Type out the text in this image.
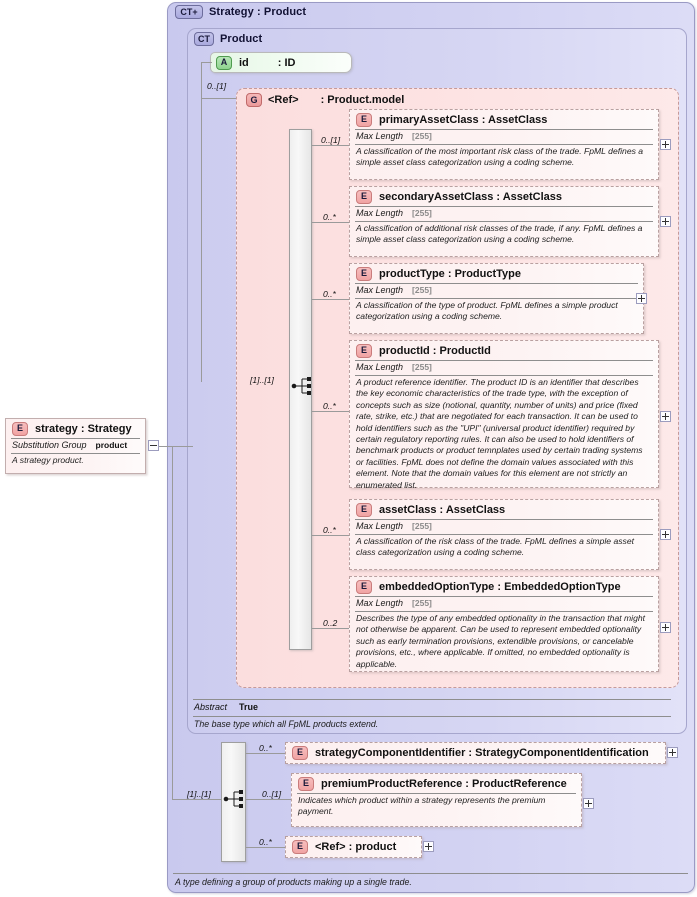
CT+	Strategy : Product
CT Product
A	id	: ID
0..[1]
G <Ref> : Product.model
[1]..[1]
0..[1]
E	primaryAssetClass : AssetClass
Max Length [255]
A classification of the most important risk class of the trade. FpML defines a simple asset class categorization using a coding scheme.
0..*
E	secondaryAssetClass : AssetClass
Max Length [255]
A classification of additional risk classes of the trade, if any. FpML defines a simple asset class categorization using a coding scheme.
0..*
E	productType : ProductType
Max Length [255]
A classification of the type of product. FpML defines a simple product categorization using a coding scheme.
0..*
E	productId : ProductId
Max Length [255]
A product reference identifier. The product ID is an identifier that describes the key economic characteristics of the trade type, with the exception of concepts such as size (notional, quantity, number of units) and price (fixed rate, strike, etc.) that are negotiated for each transaction. It can be used to hold identifiers such as the "UPI" (universal product identifier) required by certain regulatory reporting rules. It can also be used to hold identifiers of benchmark products or product temnplates used by certain trading systems or facilities. FpML does not define the domain values associated with this element. Note that the domain values for this element are not strictly an enumerated list.
0..*
E	assetClass : AssetClass
Max Length [255]
A classification of the risk class of the trade. FpML defines a simple asset class categorization using a coding scheme.
0..2
E	embeddedOptionType : EmbeddedOptionType
Max Length [255]
Describes the type of any embedded optionality in the transaction that might not otherwise be apparent. Can be used to represent embedded optionality such as early termination provisions, extendible provisions, or cancelable provisions, etc., where applicable. If omitted, no embedded optionality is applicable.
Abstract True
The base type which all FpML products extend.
[1]..[1]
0..*	E	strategyComponentIdentifier : StrategyComponentIdentification
0..[1]
E	premiumProductReference : ProductReference
Indicates which product within a strategy represents the premium payment.
0..*	E	<Ref> : product
A type defining a group of products making up a single trade.
E	strategy : Strategy
Substitution Group product
A strategy product.
